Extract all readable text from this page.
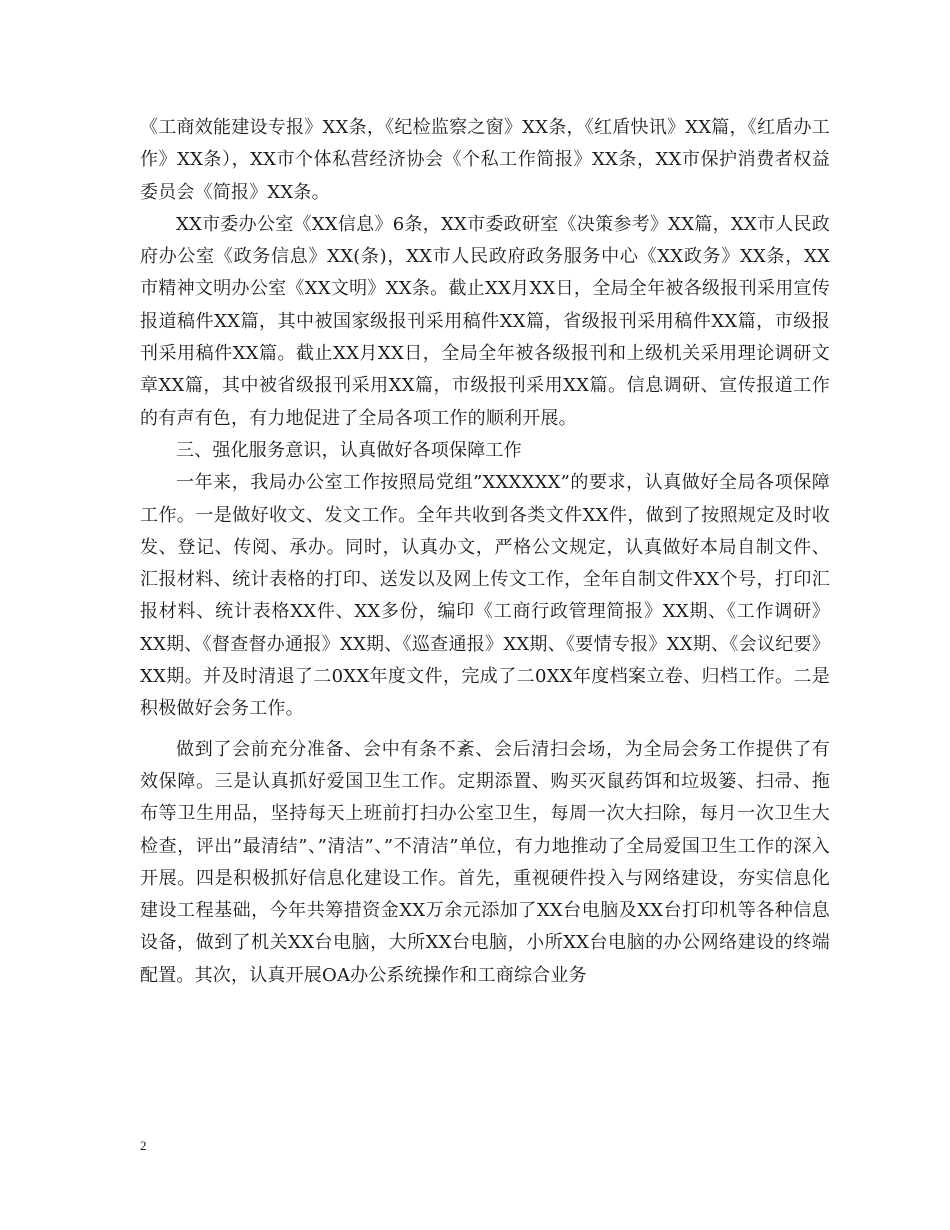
《工商效能建设专报》XX条，《纪检监察之窗》XX条，《红盾快讯》XX篇，《红盾办工作》XX条），XX市个体私营经济协会《个私工作简报》XX条，XX市保护消费者权益委员会《简报》XX条。

XX市委办公室《XX信息》6条，XX市委政研室《决策参考》XX篇，XX市人民政府办公室《政务信息》XX(条)，XX市人民政府政务服务中心《XX政务》XX条，XX市精神文明办公室《XX文明》XX条。截止XX月XX日，全局全年被各级报刊采用宣传报道稿件XX篇，其中被国家级报刊采用稿件XX篇，省级报刊采用稿件XX篇，市级报刊采用稿件XX篇。截止XX月XX日，全局全年被各级报刊和上级机关采用理论调研文章XX篇，其中被省级报刊采用XX篇，市级报刊采用XX篇。信息调研、宣传报道工作的有声有色，有力地促进了全局各项工作的顺利开展。

三、强化服务意识，认真做好各项保障工作

一年来，我局办公室工作按照局党组”XXXXXX”的要求，认真做好全局各项保障工作。一是做好收文、发文工作。全年共收到各类文件XX件，做到了按照规定及时收发、登记、传阅、承办。同时，认真办文，严格公文规定，认真做好本局自制文件、汇报材料、统计表格的打印、送发以及网上传文工作，全年自制文件XX个号，打印汇报材料、统计表格XX件、XX多份，编印《工商行政管理简报》XX期、《工作调研》XX期、《督查督办通报》XX期、《巡查通报》XX期、《要情专报》XX期、《会议纪要》XX期。并及时清退了二0XX年度文件，完成了二0XX年度档案立卷、归档工作。二是积极做好会务工作。

做到了会前充分准备、会中有条不紊、会后清扫会场，为全局会务工作提供了有效保障。三是认真抓好爱国卫生工作。定期添置、购买灭鼠药饵和垃圾篓、扫帚、拖布等卫生用品，坚持每天上班前打扫办公室卫生，每周一次大扫除，每月一次卫生大检查，评出”最清结”、”清洁”、”不清洁”单位，有力地推动了全局爱国卫生工作的深入开展。四是积极抓好信息化建设工作。首先，重视硬件投入与网络建设，夯实信息化建设工程基础，今年共筹措资金XX万余元添加了XX台电脑及XX台打印机等各种信息设备，做到了机关XX台电脑，大所XX台电脑，小所XX台电脑的办公网络建设的终端配置。其次，认真开展OA办公系统操作和工商综合业务

2
